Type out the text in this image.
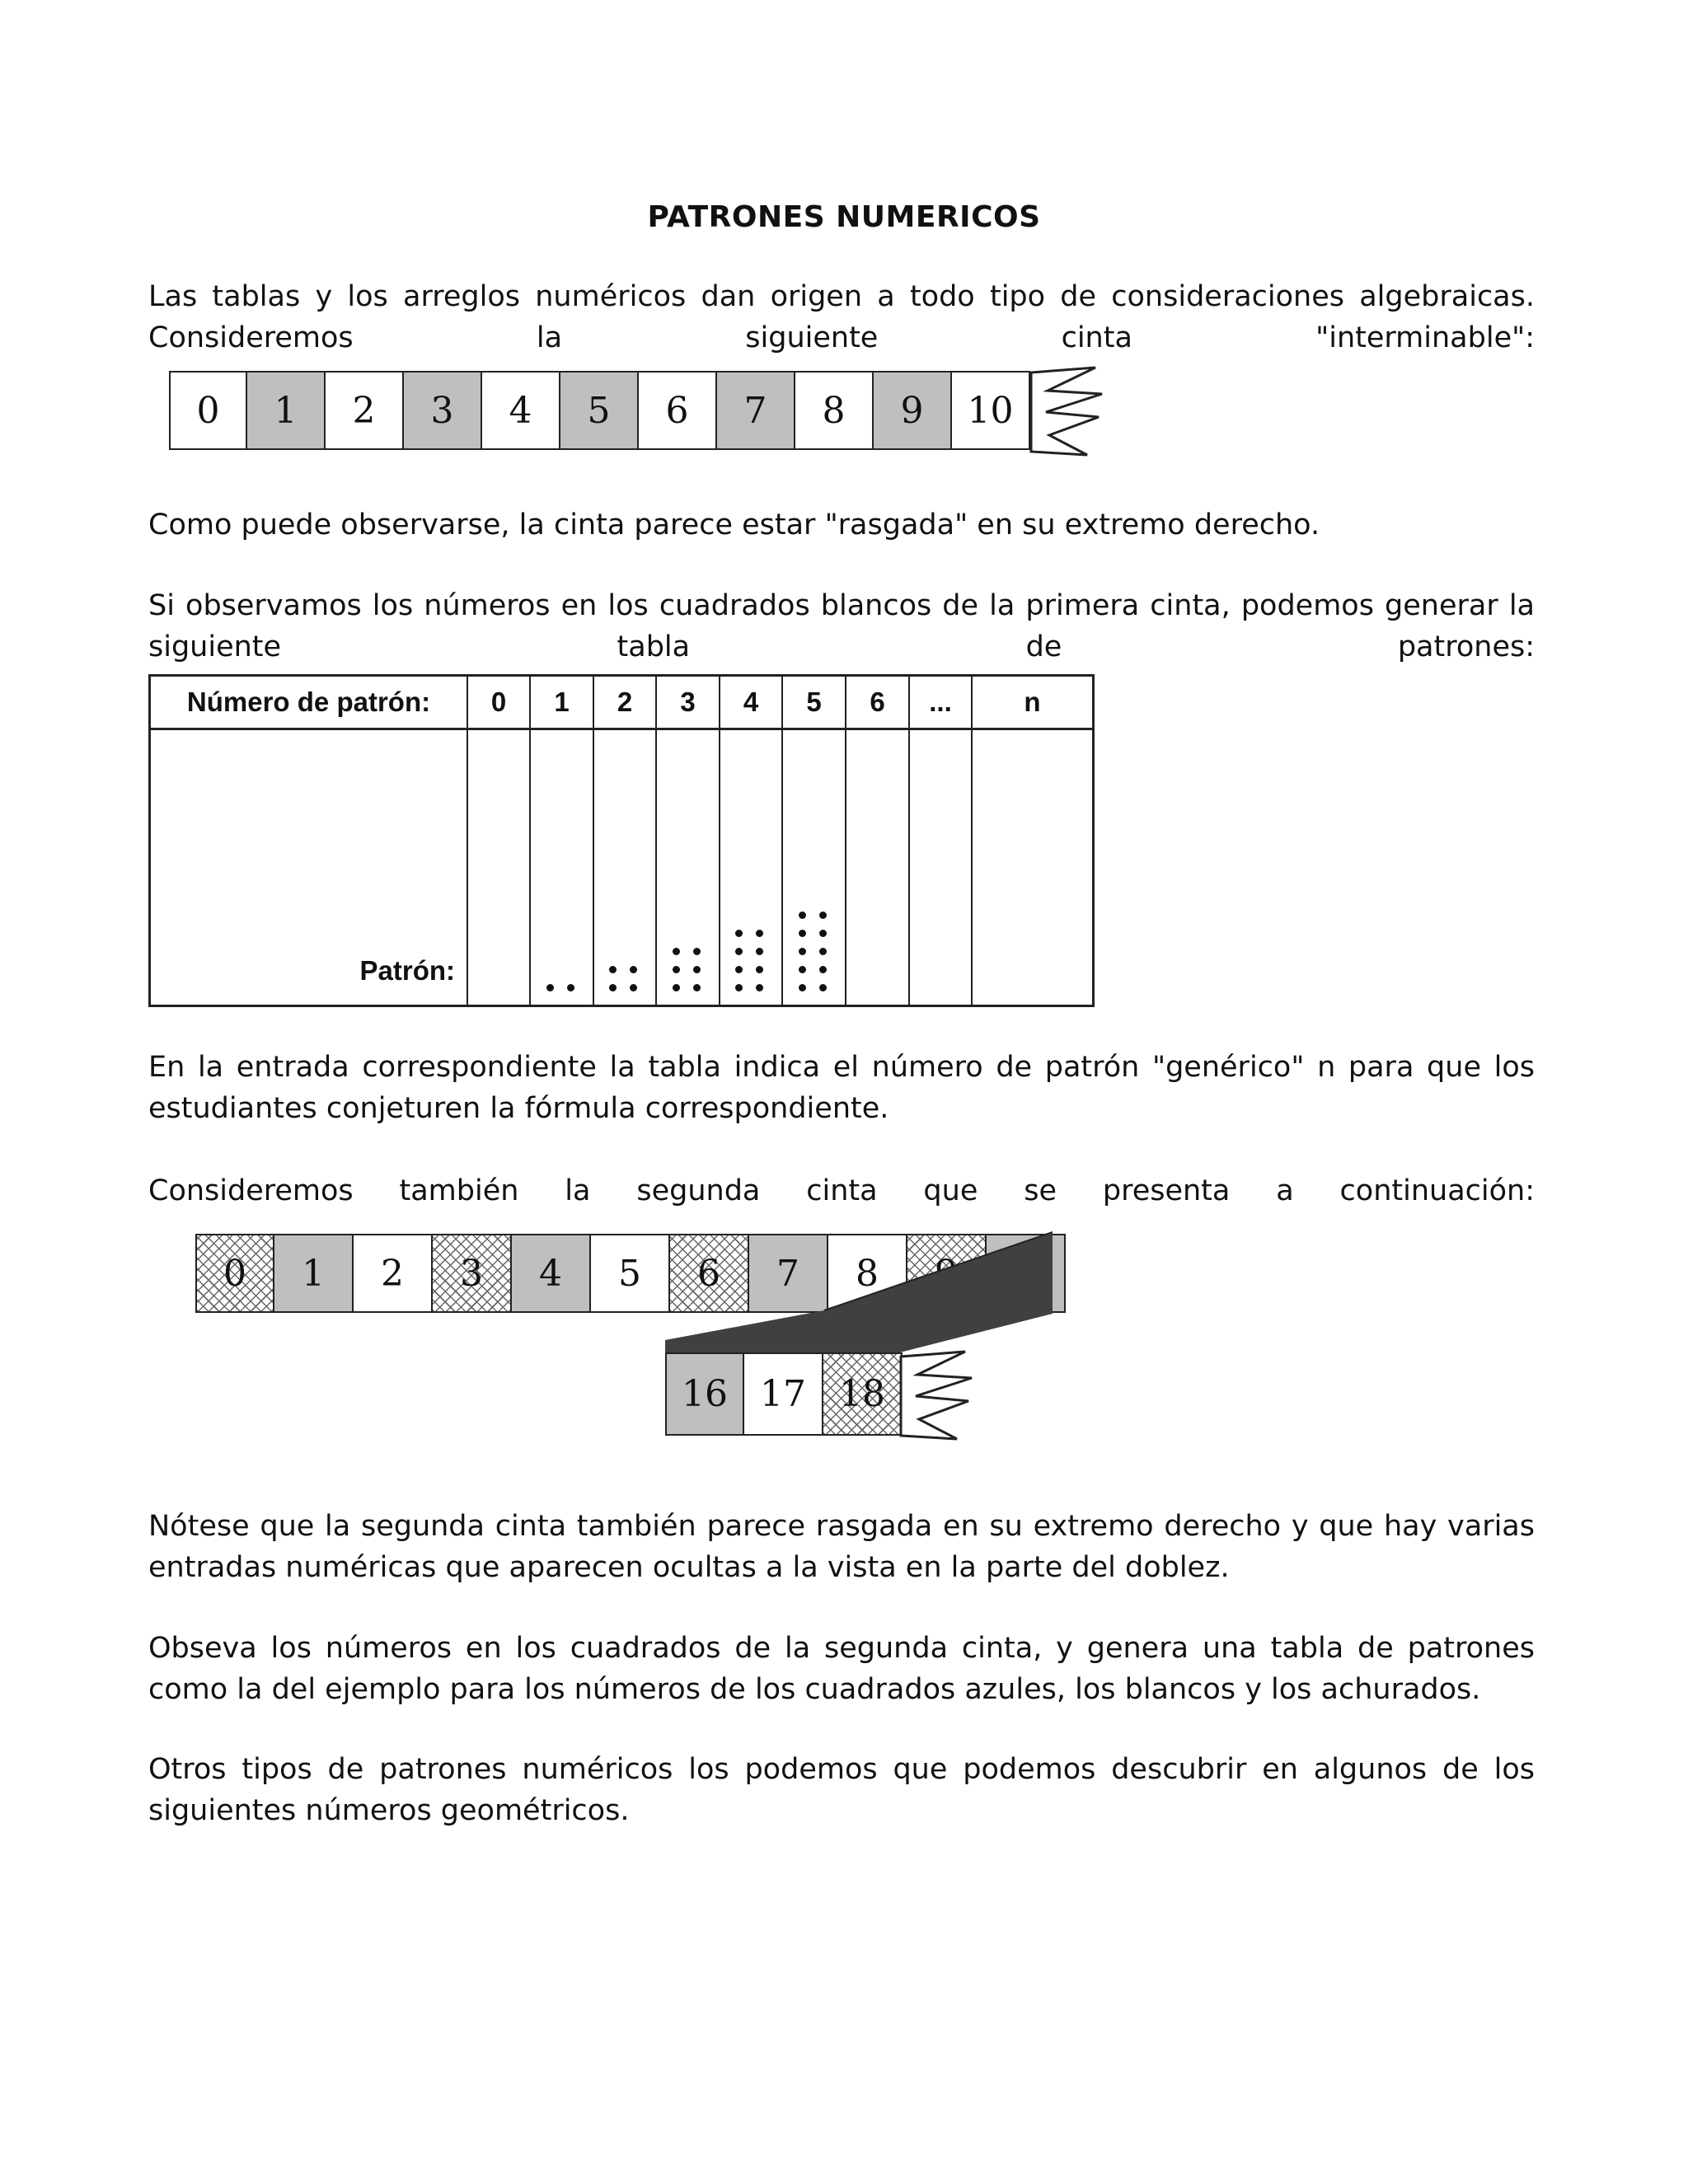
PATRONES NUMERICOS
Las tablas y los arreglos numéricos dan origen a todo tipo de consideraciones algebraicas.
Consideremos la siguiente cinta "interminable":
0	1	2	3	4	5	6	7	8	9	10
Como puede observarse, la cinta parece estar "rasgada" en su extremo derecho.
Si observamos los números en los cuadrados blancos de la primera cinta, podemos generar la
siguiente tabla de patrones:
Número de patrón:	0	1	2	3	4	5	6	...	n
Patrón:
En la entrada correspondiente la tabla indica el número de patrón "genérico" n para que los estudiantes conjeturen la fórmula correspondiente.
Consideremos también la segunda cinta que se presenta a continuación:
0	1	2	3	4	5	6	7	8
16 17 18
Nótese que la segunda cinta también parece rasgada en su extremo derecho y que hay varias entradas numéricas que aparecen ocultas a la vista en la parte del doblez.
Obseva los números en los cuadrados de la segunda cinta, y genera una tabla de patrones como la del ejemplo para los números de los cuadrados azules, los blancos y los achurados.
Otros tipos de patrones numéricos los podemos que podemos descubrir en algunos de los siguientes números geométricos.
